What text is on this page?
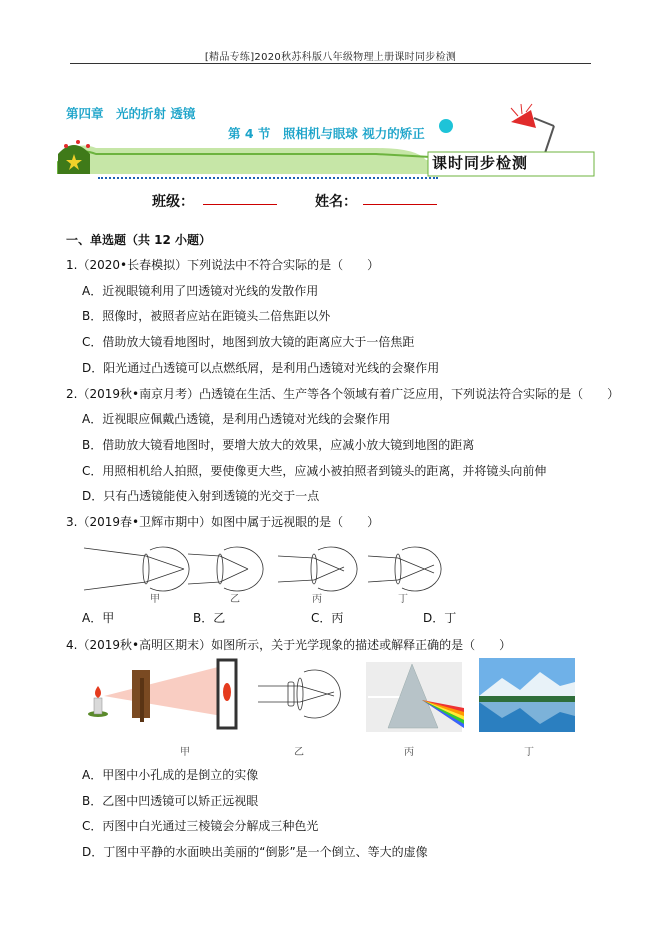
[精品专练]2020秋苏科版八年级物理上册课时同步检测
第四章　光的折射 透镜
第 4 节　照相机与眼球 视力的矫正
课时同步检测
班级：	姓名：
一、单选题（共 12 小题）
1.（2020•长春模拟）下列说法中不符合实际的是（　　）
A．近视眼镜利用了凹透镜对光线的发散作用
B．照像时，被照者应站在距镜头二倍焦距以外
C．借助放大镜看地图时，地图到放大镜的距离应大于一倍焦距
D．阳光通过凸透镜可以点燃纸屑，是利用凸透镜对光线的会聚作用
2.（2019秋•南京月考）凸透镜在生活、生产等各个领域有着广泛应用，下列说法符合实际的是（　　）
A．近视眼应佩戴凸透镜，是利用凸透镜对光线的会聚作用
B．借助放大镜看地图时，要增大放大的效果，应减小放大镜到地图的距离
C．用照相机给人拍照，要使像更大些，应减小被拍照者到镜头的距离，并将镜头向前伸
D．只有凸透镜能使入射到透镜的光交于一点
3.（2019春•卫辉市期中）如图中属于远视眼的是（　　）
甲	乙	丙	丁
A．甲	B．乙	C．丙	D．丁
4.（2019秋•高明区期末）如图所示，关于光学现象的描述或解释正确的是（　　）
甲	乙	丙	丁
A．甲图中小孔成的是倒立的实像
B．乙图中凹透镜可以矫正远视眼
C．丙图中白光通过三棱镜会分解成三种色光
D．丁图中平静的水面映出美丽的“倒影”是一个倒立、等大的虚像
